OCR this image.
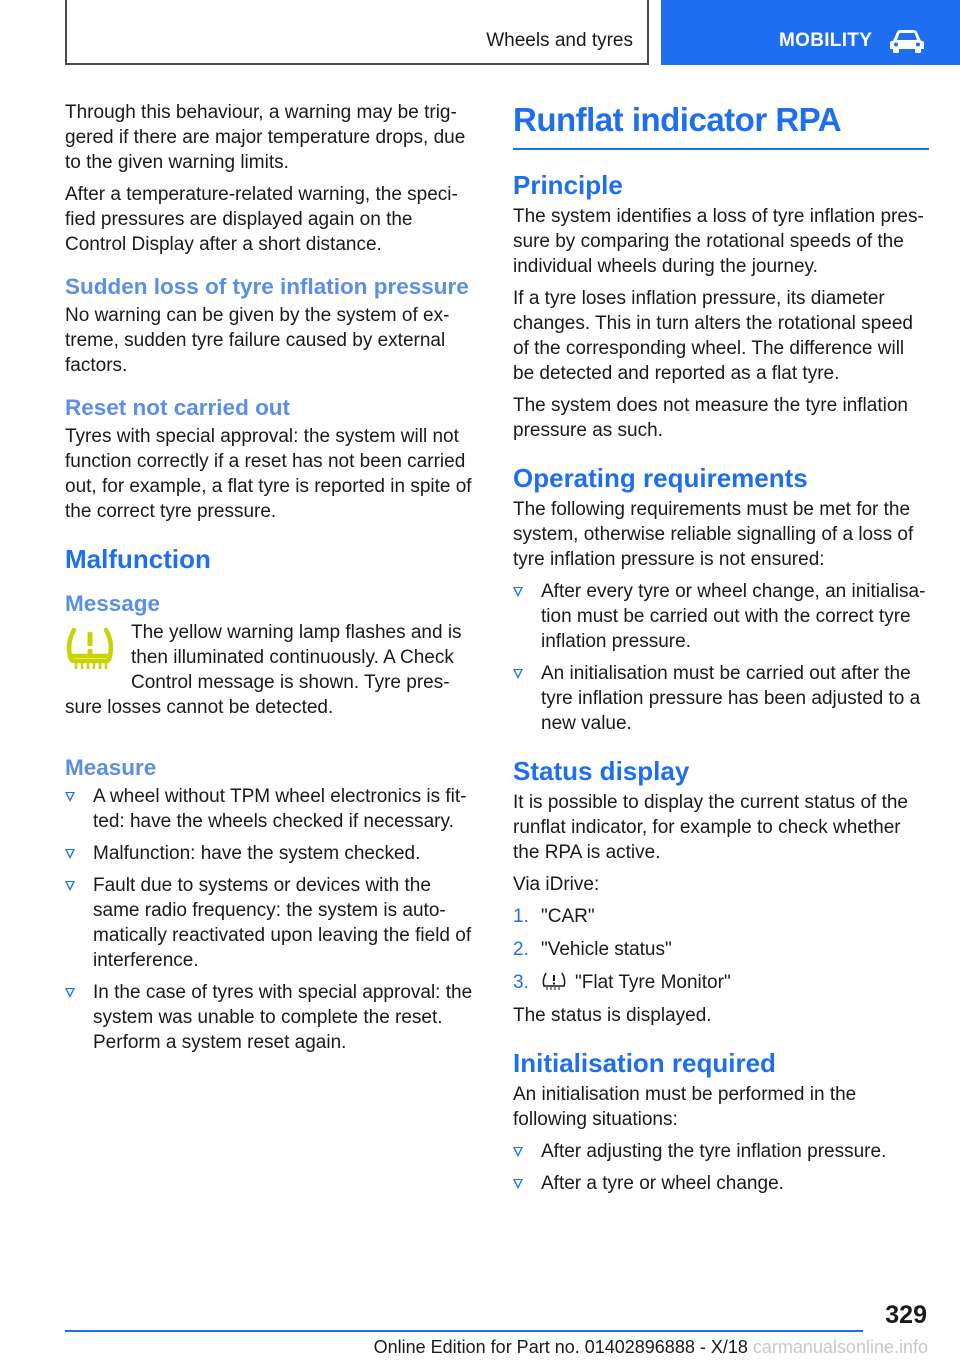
Wheels and tyres	MOBILITY

Through this behaviour, a warning may be trig‐gered if there are major temperature drops, due to the given warning limits.

After a temperature-related warning, the speci‐fied pressures are displayed again on the Control Display after a short distance.

Sudden loss of tyre inflation pressure

No warning can be given by the system of ex‐treme, sudden tyre failure caused by external factors.

Reset not carried out

Tyres with special approval: the system will not function correctly if a reset has not been carried out, for example, a flat tyre is reported in spite of the correct tyre pressure.

Malfunction
Message

The yellow warning lamp flashes and is then illuminated continuously. A Check Control message is shown. Tyre pres‐sure losses cannot be detected.

Measure
A wheel without TPM wheel electronics is fit‐ted: have the wheels checked if necessary.
Malfunction: have the system checked.
Fault due to systems or devices with the same radio frequency: the system is auto‐matically reactivated upon leaving the field of interference.
In the case of tyres with special approval: the system was unable to complete the reset. Perform a system reset again.
Runflat indicator RPA
Principle

The system identifies a loss of tyre inflation pres‐sure by comparing the rotational speeds of the individual wheels during the journey.

If a tyre loses inflation pressure, its diameter changes. This in turn alters the rotational speed of the corresponding wheel. The difference will be detected and reported as a flat tyre.

The system does not measure the tyre inflation pressure as such.

Operating requirements

The following requirements must be met for the system, otherwise reliable signalling of a loss of tyre inflation pressure is not ensured:

After every tyre or wheel change, an initialisa‐tion must be carried out with the correct tyre inflation pressure.
An initialisation must be carried out after the tyre inflation pressure has been adjusted to a new value.
Status display

It is possible to display the current status of the runflat indicator, for example to check whether the RPA is active.

Via iDrive:

1. "CAR"
2. "Vehicle status"
3. "Flat Tyre Monitor"

The status is displayed.

Initialisation required

An initialisation must be performed in the following situations:

After adjusting the tyre inflation pressure.
After a tyre or wheel change.
329
Online Edition for Part no. 01402896888 - X/18 carmanualsonline.info
